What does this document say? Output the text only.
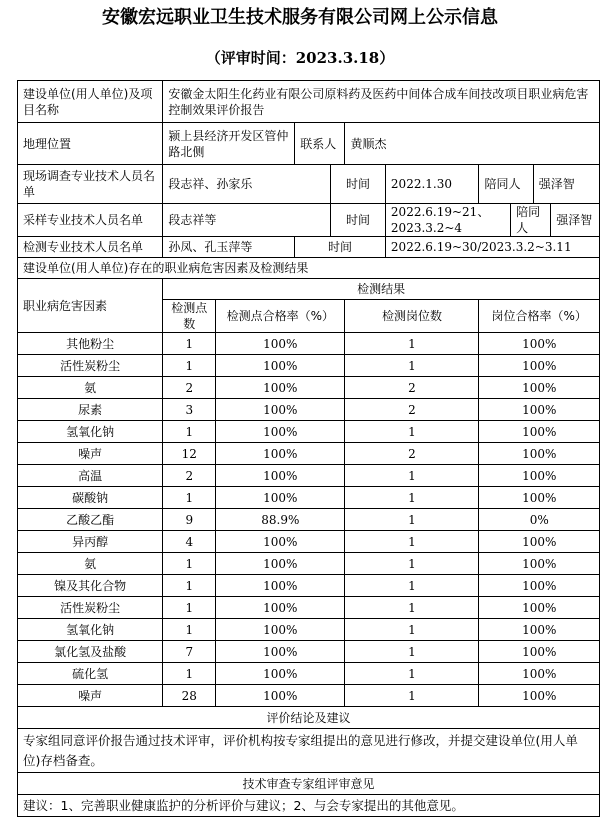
安徽宏远职业卫生技术服务有限公司网上公示信息
（评审时间：2023.3.18）
建设单位(用人单位)及项目名称	安徽金太阳生化药业有限公司原料药及医药中间体合成车间技改项目职业病危害控制效果评价报告									
地理位置	颍上县经济开发区管仲路北侧		联系人		黄顺杰					
现场调查专业技术人员名单	段志祥、孙家乐			时间		2022.1.30	陪同人		强泽智	
采样专业技术人员名单	段志祥等			时间		2022.6.19~21、2023.3.2~4		陪同人		强泽智
检测专业技术人员名单	孙凤、孔玉萍等		时间			2022.6.19~30/2023.3.2~3.11				
建设单位(用人单位)存在的职业病危害因素及检测结果										
职业病危害因素	检测结果									
	检测点数	检测点合格率（%）			检测岗位数		岗位合格率（%）			
其他粉尘	1	100%			1		100%			
活性炭粉尘	1	100%			1		100%			
氨	2	100%			2		100%			
尿素	3	100%			2		100%			
氢氧化钠	1	100%			1		100%			
噪声	12	100%			2		100%			
高温	2	100%			1		100%			
碳酸钠	1	100%			1		100%			
乙酸乙酯	9	88.9%			1		0%			
异丙醇	4	100%			1		100%			
氨	1	100%			1		100%			
镍及其化合物	1	100%			1		100%			
活性炭粉尘	1	100%			1		100%			
氢氧化钠	1	100%			1		100%			
氯化氢及盐酸	7	100%			1		100%			
硫化氢	1	100%			1		100%			
噪声	28	100%			1		100%			
评价结论及建议										
专家组同意评价报告通过技术评审，评价机构按专家组提出的意见进行修改，并提交建设单位(用人单位)存档备查。										
技术审查专家组评审意见										
建议：1、完善职业健康监护的分析评价与建议；2、与会专家提出的其他意见。										
